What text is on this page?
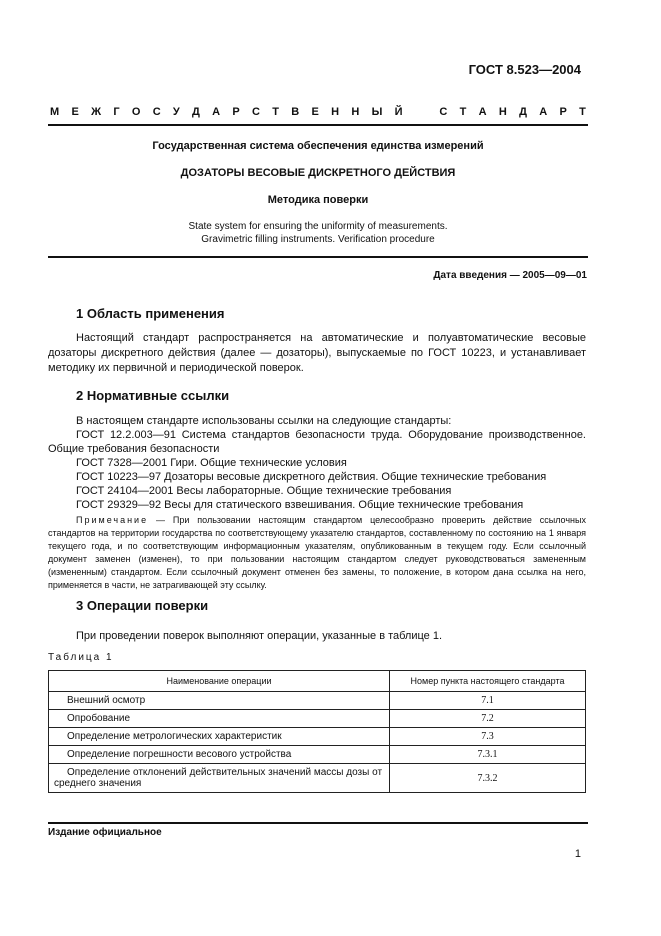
ГОСТ 8.523—2004
М Е Ж Г О С У Д А Р С Т В Е Н Н Ы Й	С Т А Н Д А Р Т
Государственная система обеспечения единства измерений
ДОЗАТОРЫ ВЕСОВЫЕ ДИСКРЕТНОГО ДЕЙСТВИЯ
Методика поверки
State system for ensuring the uniformity of measurements.
Gravimetric filling instruments. Verification procedure
Дата введения — 2005—09—01
1 Область применения

Настоящий стандарт распространяется на автоматические и полуавтоматические весовые дозаторы дискретного действия (далее — дозаторы), выпускаемые по ГОСТ 10223, и устанавливает методику их первичной и периодической поверок.

2 Нормативные ссылки
В настоящем стандарте использованы ссылки на следующие стандарты:
ГОСТ 12.2.003—91 Система стандартов безопасности труда. Оборудование производственное. Общие требования безопасности
ГОСТ 7328—2001 Гири. Общие технические условия
ГОСТ 10223—97 Дозаторы весовые дискретного действия. Общие технические требования
ГОСТ 24104—2001 Весы лабораторные. Общие технические требования
ГОСТ 29329—92 Весы для статического взвешивания. Общие технические требования

Примечание — При пользовании настоящим стандартом целесообразно проверить действие ссылочных стандартов на территории государства по соответствующему указателю стандартов, составленному по состоянию на 1 января текущего года, и по соответствующим информационным указателям, опубликованным в текущем году. Если ссылочный документ заменен (изменен), то при пользовании настоящим стандартом следует руководствоваться замененным (измененным) стандартом. Если ссылочный документ отменен без замены, то положение, в котором дана ссылка на него, применяется в части, не затрагивающей эту ссылку.

3 Операции поверки

При проведении поверок выполняют операции, указанные в таблице 1.

Таблица 1
Наименование операции	Номер пункта настоящего стандарта
Внешний осмотр	7.1
Опробование	7.2
Определение метрологических характеристик	7.3
Определение погрешности весового устройства	7.3.1
Определение отклонений действительных значений массы дозы от среднего значения	7.3.2
Издание официальное
1
